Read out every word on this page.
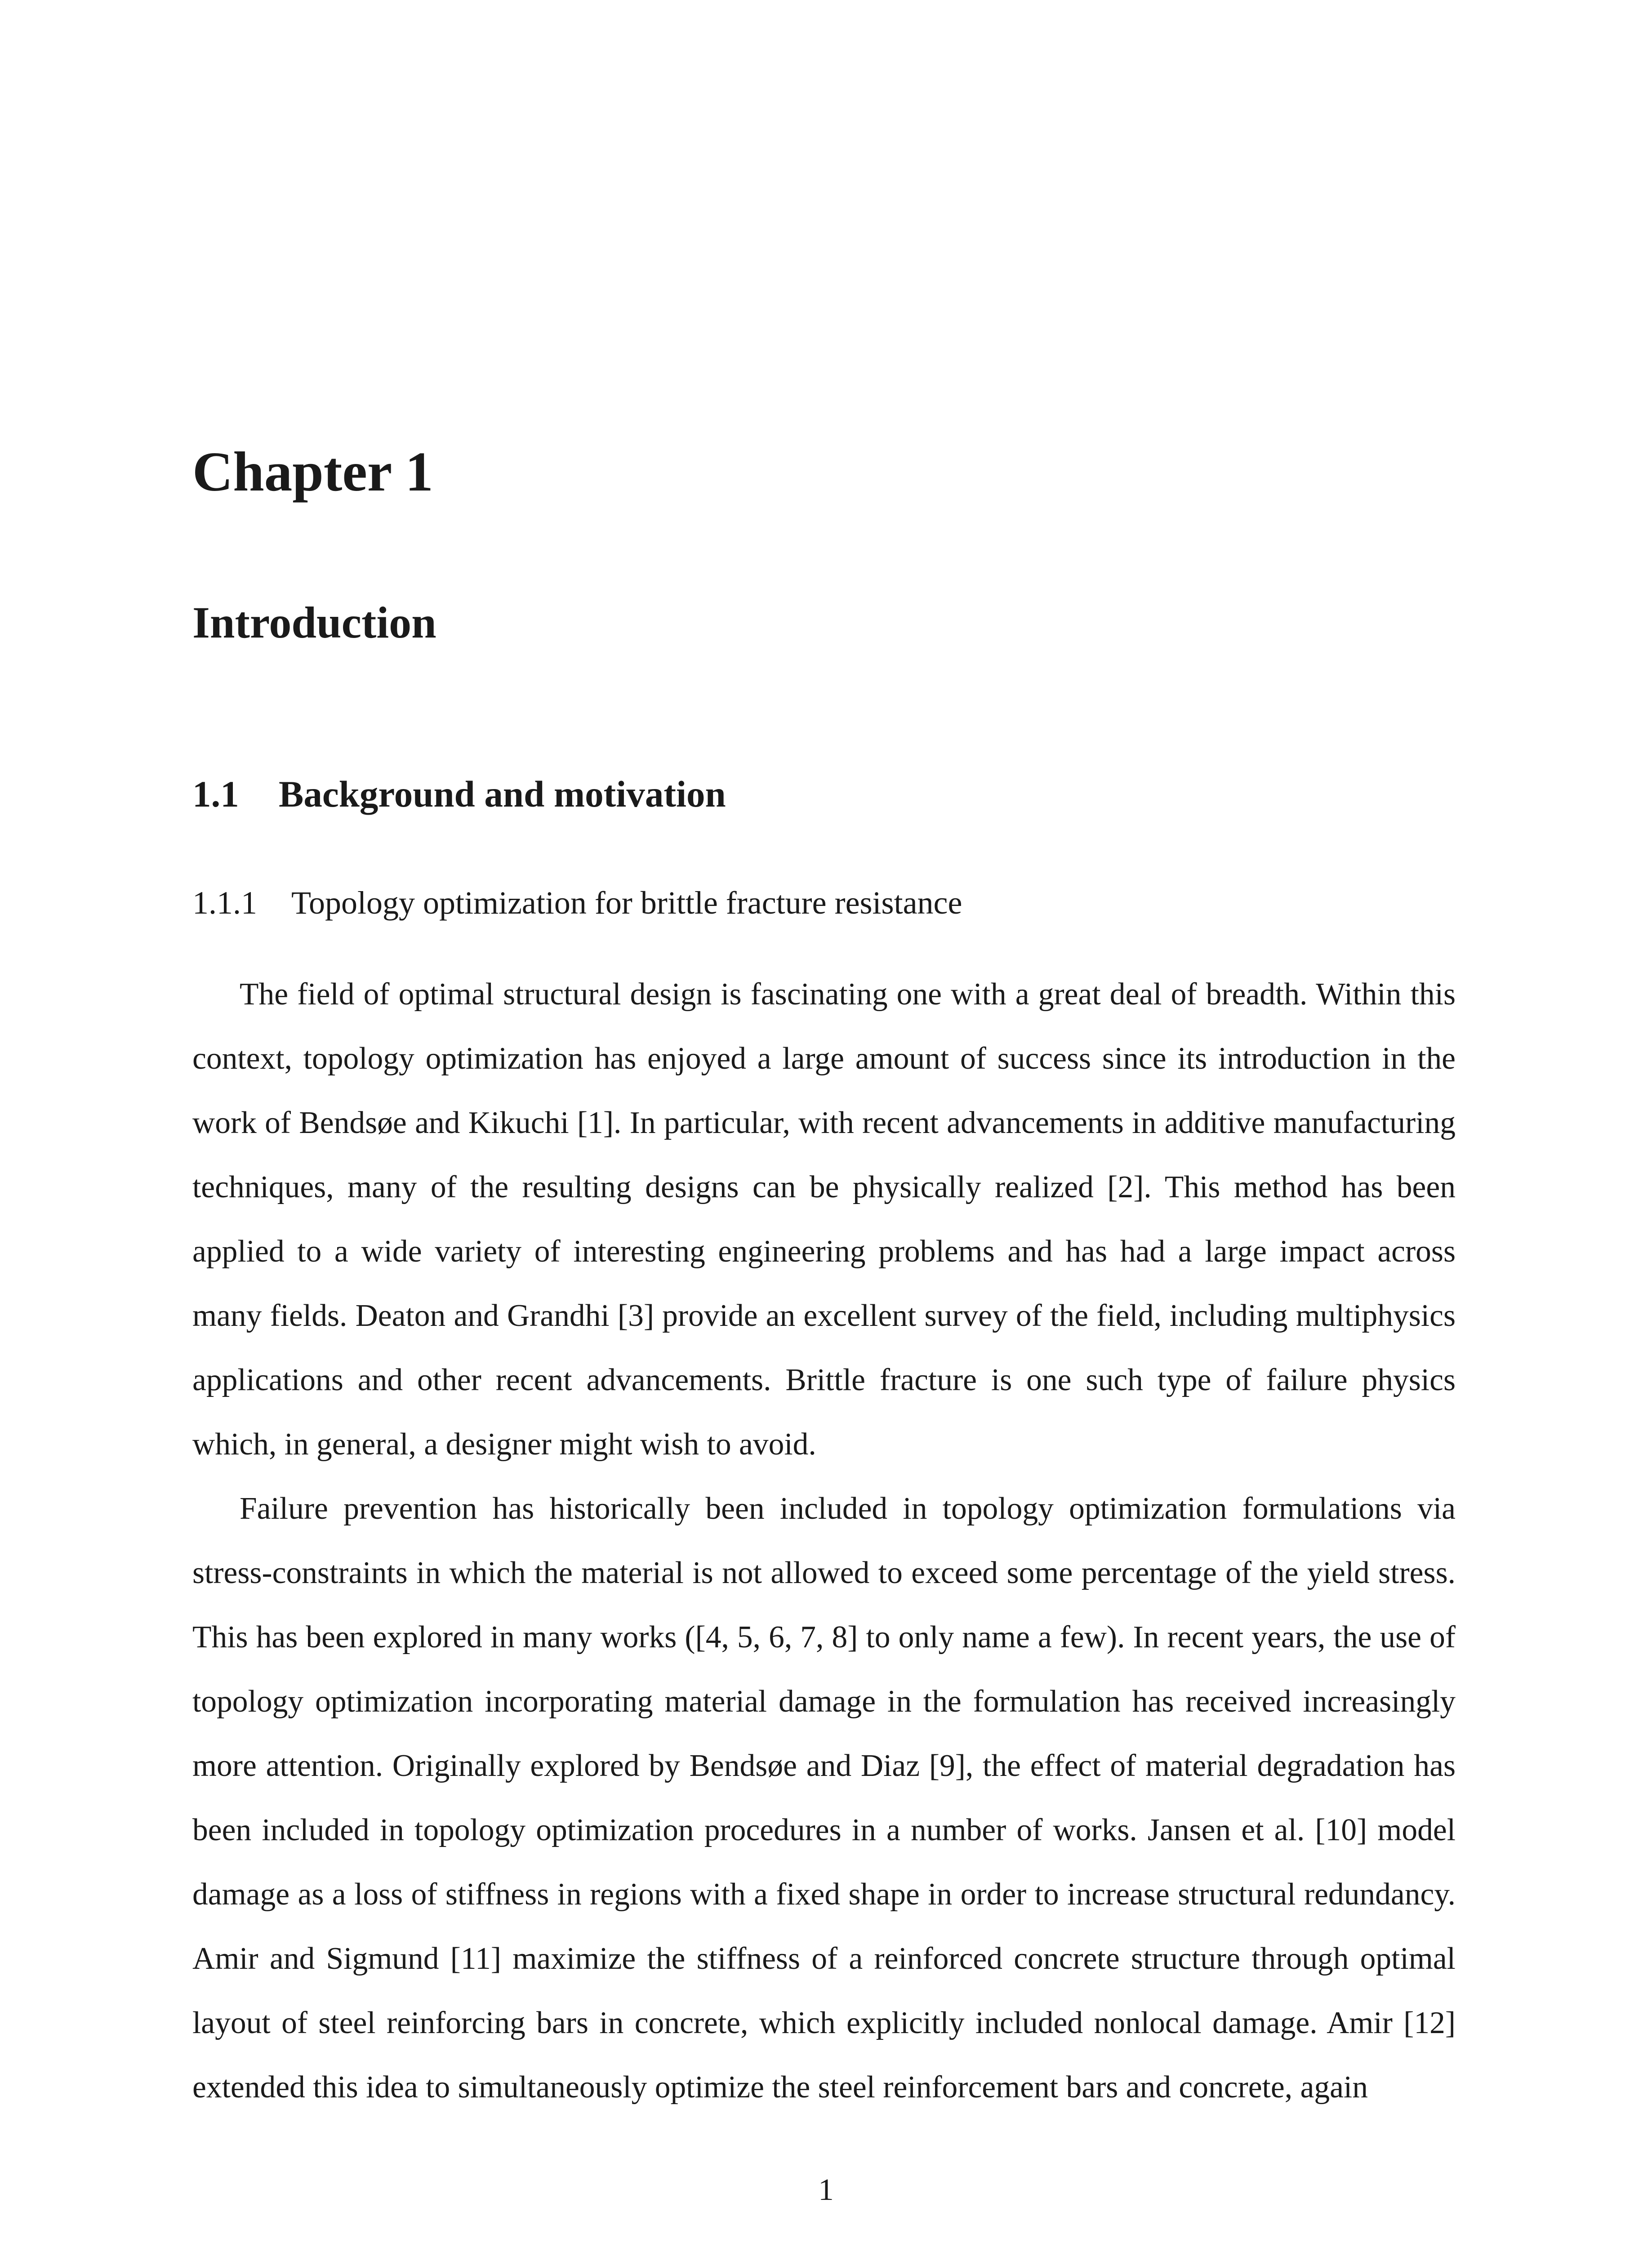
Chapter 1
Introduction
1.1 Background and motivation
1.1.1 Topology optimization for brittle fracture resistance

The field of optimal structural design is fascinating one with a great deal of breadth. Within this context, topology optimization has enjoyed a large amount of success since its introduction in the work of Bendsøe and Kikuchi [1]. In particular, with recent advancements in additive manufacturing techniques, many of the resulting designs can be physically realized [2]. This method has been applied to a wide variety of interesting engineering problems and has had a large impact across many fields. Deaton and Grandhi [3] provide an excellent survey of the field, including multiphysics applications and other recent advancements. Brittle fracture is one such type of failure physics which, in general, a designer might wish to avoid.

Failure prevention has historically been included in topology optimization formulations via stress-constraints in which the material is not allowed to exceed some percentage of the yield stress. This has been explored in many works ([4, 5, 6, 7, 8] to only name a few). In recent years, the use of topology optimization incorporating material damage in the formulation has received increasingly more attention. Originally explored by Bendsøe and Diaz [9], the effect of material degradation has been included in topology optimization procedures in a number of works. Jansen et al. [10] model damage as a loss of stiffness in regions with a fixed shape in order to increase structural redundancy. Amir and Sigmund [11] maximize the stiffness of a reinforced concrete structure through optimal layout of steel reinforcing bars in concrete, which explicitly included nonlocal damage. Amir [12] extended this idea to simultaneously optimize the steel reinforcement bars and concrete, again

1
